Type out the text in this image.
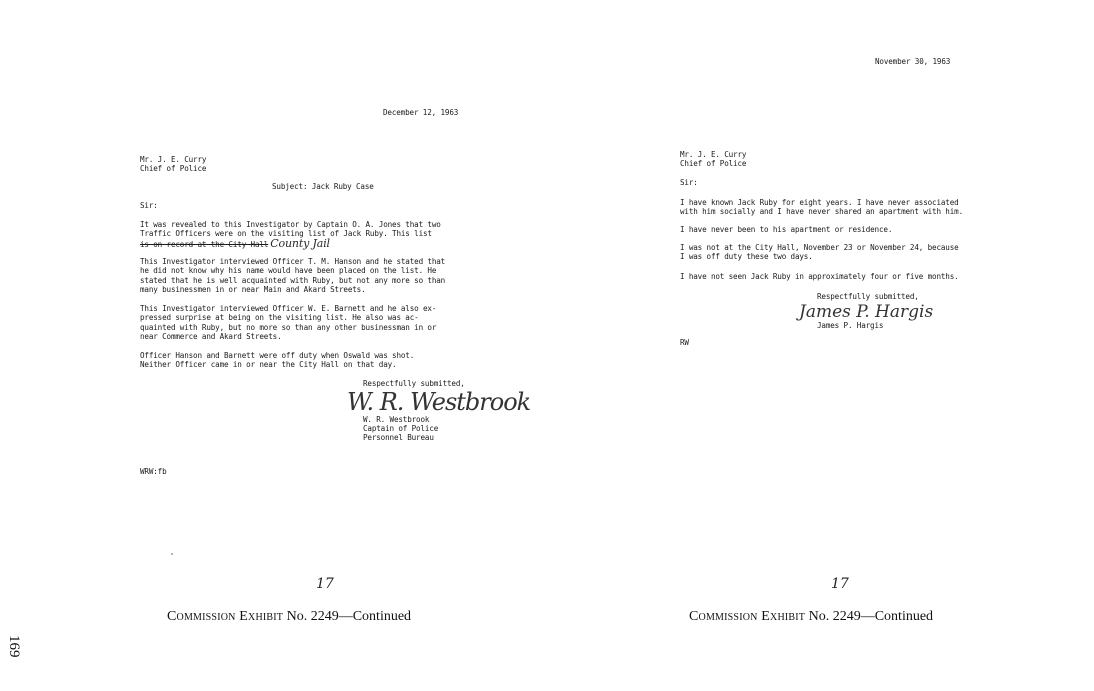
December 12, 1963
Mr. J. E. Curry
Chief of Police
Subject: Jack Ruby Case
Sir:
It was revealed to this Investigator by Captain O. A. Jones that two
Traffic Officers were on the visiting list of Jack Ruby. This list
is on record at the City Hall County Jail
This Investigator interviewed Officer T. M. Hanson and he stated that
he did not know why his name would have been placed on the list. He
stated that he is well acquainted with Ruby, but not any more so than
many businessmen in or near Main and Akard Streets.
This Investigator interviewed Officer W. E. Barnett and he also ex-
pressed surprise at being on the visiting list. He also was ac-
quainted with Ruby, but no more so than any other businessman in or
near Commerce and Akard Streets.
Officer Hanson and Barnett were off duty when Oswald was shot.
Neither Officer came in or near the City Hall on that day.
Respectfully submitted,
W. R. Westbrook
W. R. Westbrook
Captain of Police
Personnel Bureau
WRW:fb
17
Commission Exhibit No. 2249—Continued
November 30, 1963
Mr. J. E. Curry
Chief of Police
Sir:
I have known Jack Ruby for eight years. I have never associated
with him socially and I have never shared an apartment with him.
I have never been to his apartment or residence.
I was not at the City Hall, November 23 or November 24, because
I was off duty these two days.
I have not seen Jack Ruby in approximately four or five months.
Respectfully submitted,
James P. Hargis
James P. Hargis
RW
17
Commission Exhibit No. 2249—Continued
169
